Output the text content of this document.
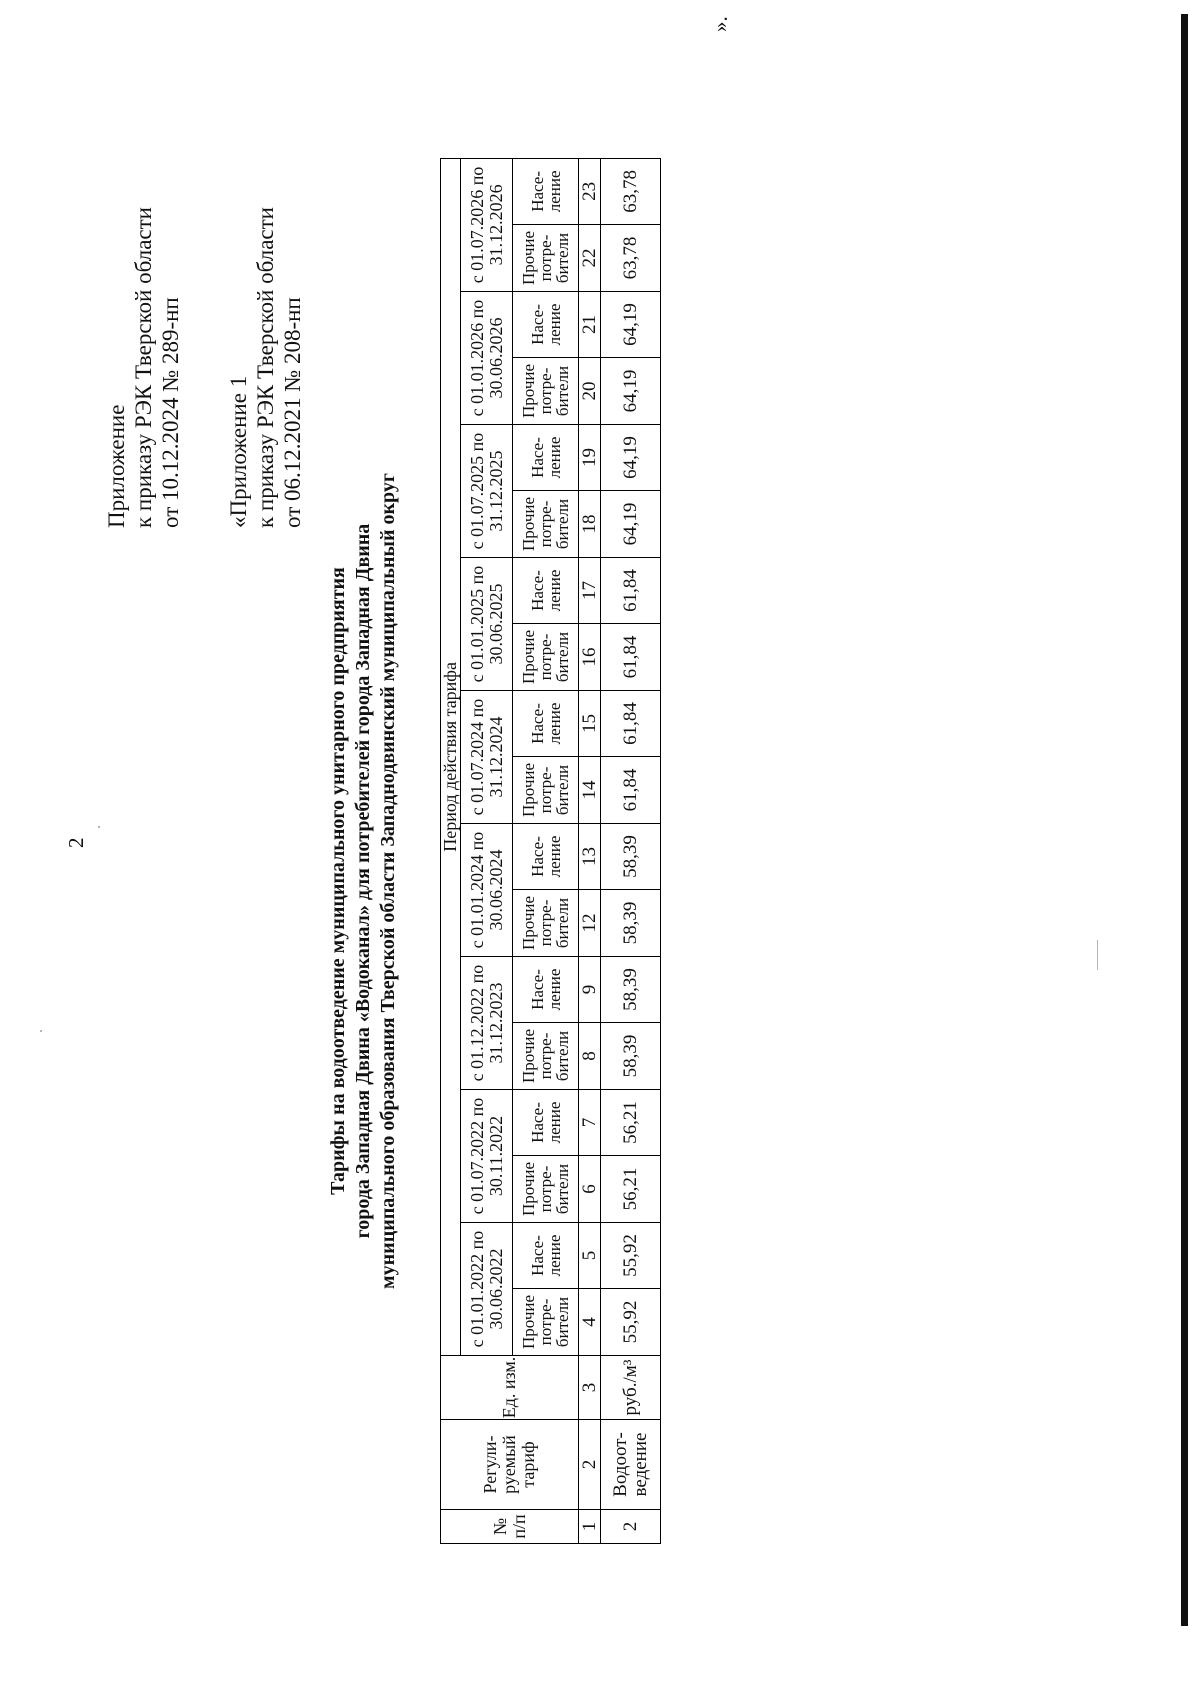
2
Приложение к приказу РЭК Тверской области от 10.12.2024 № 289-нп «Приложение 1 к приказу РЭК Тверской области от 06.12.2021 № 208-нп
Тарифы на водоотведение муниципального унитарного предприятия города Западная Двина «Водоканал» для потребителей города Западная Двина муниципального образования Тверской области Западнодвинский муниципальный округ
№ п/п	Регули-руемый тариф	Ед. изм.	Период действия тарифа																	
			с 01.01.2022 по 30.06.2022		с 01.07.2022 по 30.11.2022		с 01.12.2022 по 31.12.2023		с 01.01.2024 по 30.06.2024		с 01.07.2024 по 31.12.2024		с 01.01.2025 по 30.06.2025		с 01.07.2025 по 31.12.2025		с 01.01.2026 по 30.06.2026		с 01.07.2026 по 31.12.2026	
			Прочие потре-бители	Насе-ление	Прочие потре-бители	Насе-ление	Прочие потре-бители	Насе-ление	Прочие потре-бители	Насе-ление	Прочие потре-бители	Насе-ление	Прочие потре-бители	Насе-ление	Прочие потре-бители	Насе-ление	Прочие потре-бители	Насе-ление	Прочие потре-бители	Насе-ление
1	2	3	4	5	6	7	8	9	12	13	14	15	16	17	18	19	20	21	22	23
2	Водоот-ведение	руб./м³	55,92	55,92	56,21	56,21	58,39	58,39	58,39	58,39	61,84	61,84	61,84	61,84	64,19	64,19	64,19	64,19	63,78	63,78
».
